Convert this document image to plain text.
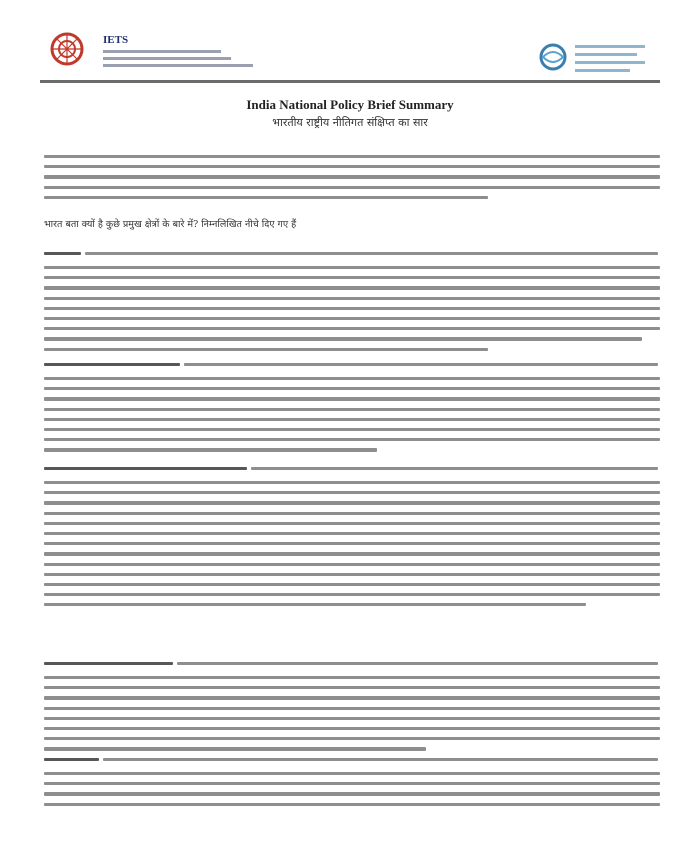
IETS
India National Policy Brief Summary
भारतीय राष्ट्रीय नीतिगत संक्षिप्त का सार
भारत बता क्यों है कुछे प्रमुख क्षेत्रों के बारे में? निम्नलिखित नीचे दिए गए हैं
